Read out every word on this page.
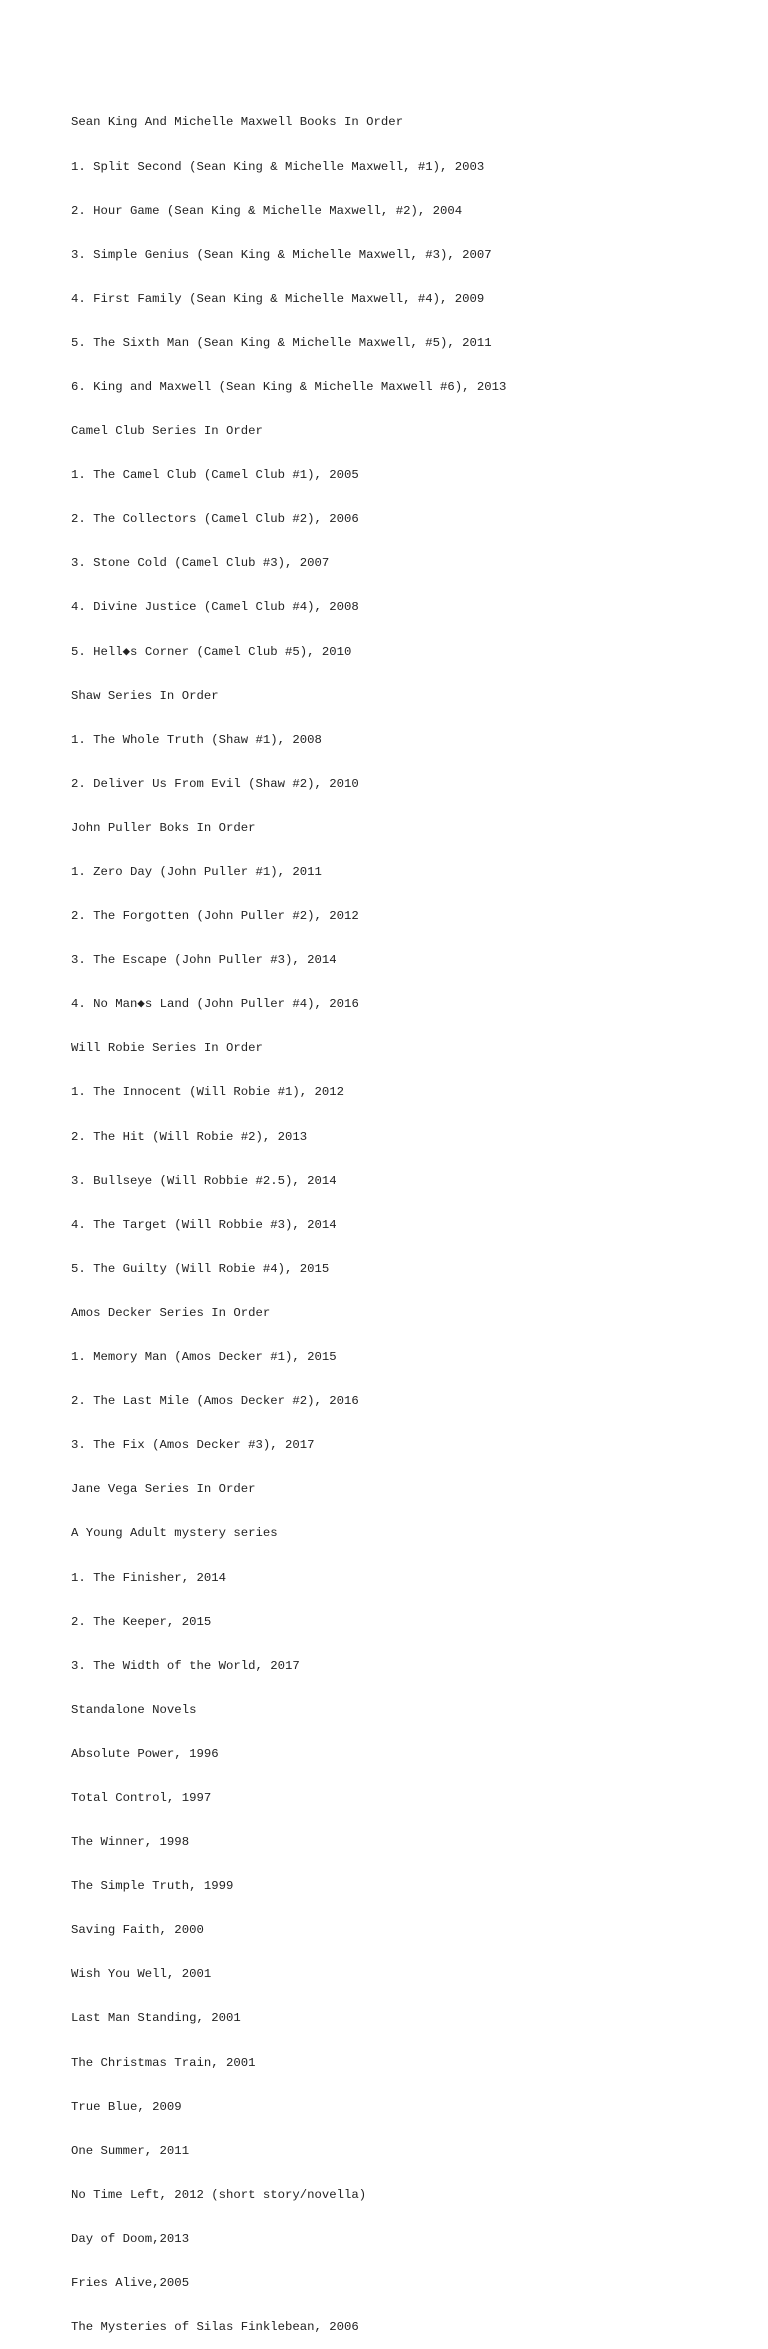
Sean King And Michelle Maxwell Books In Order

1. Split Second (Sean King & Michelle Maxwell, #1), 2003

2. Hour Game (Sean King & Michelle Maxwell, #2), 2004

3. Simple Genius (Sean King & Michelle Maxwell, #3), 2007

4. First Family (Sean King & Michelle Maxwell, #4), 2009

5. The Sixth Man (Sean King & Michelle Maxwell, #5), 2011

6. King and Maxwell (Sean King & Michelle Maxwell #6), 2013

Camel Club Series In Order

1. The Camel Club (Camel Club #1), 2005

2. The Collectors (Camel Club #2), 2006

3. Stone Cold (Camel Club #3), 2007

4. Divine Justice (Camel Club #4), 2008

5. Hell◆s Corner (Camel Club #5), 2010

Shaw Series In Order

1. The Whole Truth (Shaw #1), 2008

2. Deliver Us From Evil (Shaw #2), 2010

John Puller Boks In Order

1. Zero Day (John Puller #1), 2011

2. The Forgotten (John Puller #2), 2012

3. The Escape (John Puller #3), 2014

4. No Man◆s Land (John Puller #4), 2016

Will Robie Series In Order

1. The Innocent (Will Robie #1), 2012

2. The Hit (Will Robie #2), 2013

3. Bullseye (Will Robbie #2.5), 2014

4. The Target (Will Robbie #3), 2014

5. The Guilty (Will Robie #4), 2015

Amos Decker Series In Order

1. Memory Man (Amos Decker #1), 2015

2. The Last Mile (Amos Decker #2), 2016

3. The Fix (Amos Decker #3), 2017

Jane Vega Series In Order

A Young Adult mystery series

1. The Finisher, 2014

2. The Keeper, 2015

3. The Width of the World, 2017

Standalone Novels

Absolute Power, 1996

Total Control, 1997

The Winner, 1998

The Simple Truth, 1999

Saving Faith, 2000

Wish You Well, 2001

Last Man Standing, 2001

The Christmas Train, 2001

True Blue, 2009

One Summer, 2011

No Time Left, 2012 (short story/novella)

Day of Doom,2013

Fries Alive,2005

The Mysteries of Silas Finklebean, 2006
